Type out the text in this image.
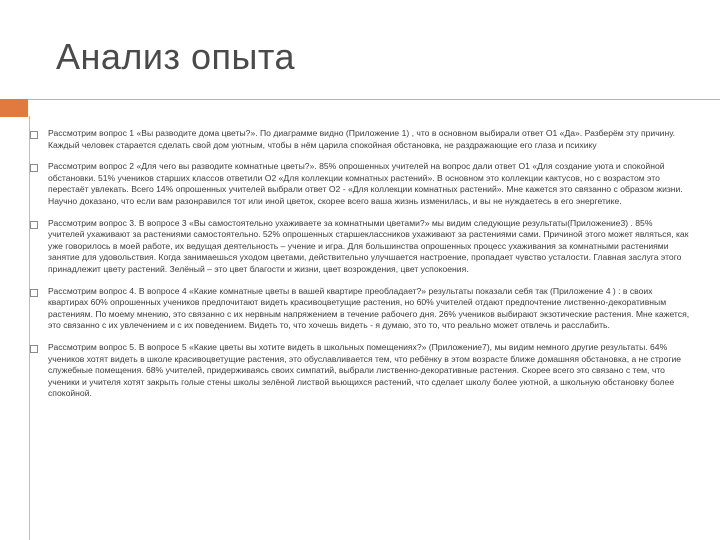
Анализ опыта

Рассмотрим вопрос 1 «Вы разводите дома цветы?». По диаграмме видно (Приложение 1) , что в основном выбирали ответ О1 «Да». Разберём эту причину. Каждый человек старается сделать свой дом уютным, чтобы в нём царила спокойная обстановка, не раздражающие его глаза и психику

Рассмотрим вопрос 2 «Для чего вы разводите комнатные цветы?». 85% опрошенных учителей на вопрос дали ответ О1 «Для создание уюта и спокойной обстановки. 51% учеников старших классов ответили О2 «Для коллекции комнатных растений». В основном это коллекции кактусов, но с возрастом это перестаёт увлекать. Всего 14% опрошенных учителей выбрали ответ О2 - «Для коллекции комнатных растений». Мне кажется это связанно с образом жизни. Научно доказано, что если вам разонравился тот или иной цветок, скорее всего ваша жизнь изменилась, и вы не нуждаетесь в его энергетике.

Рассмотрим вопрос 3. В вопросе 3 «Вы самостоятельно ухаживаете за комнатными цветами?» мы видим следующие результаты(Приложение3) . 85% учителей ухаживают за растениями самостоятельно. 52% опрошенных старшеклассников ухаживают за растениями сами. Причиной этого может являться, как уже говорилось в моей работе, их ведущая деятельность – учение и игра. Для большинства опрошенных процесс ухаживания за комнатными растениями занятие для удовольствия. Когда занимаешься уходом цветами, действительно улучшается настроение, пропадает чувство усталости. Главная заслуга этого принадлежит цвету растений. Зелёный – это цвет благости и жизни, цвет возрождения, цвет успокоения.

Рассмотрим вопрос 4. В вопросе 4 «Какие комнатные цветы в вашей квартире преобладает?» результаты показали себя так (Приложение 4 ) : в своих квартирах 60% опрошенных учеников предпочитают видеть красивоцветущие растения, но 60% учителей отдают предпочтение лиственно-декоративным растениям. По моему мнению, это связанно с их нервным напряжением в течение рабочего дня. 26% учеников выбирают экзотические растения. Мне кажется, это связанно с их увлечением и с их поведением. Видеть то, что хочешь видеть - я думаю, это то, что реально может отвлечь и расслабить.

Рассмотрим вопрос 5. В вопросе 5 «Какие цветы вы хотите видеть в школьных помещениях?» (Приложение7), мы видим немного другие результаты. 64% учеников хотят видеть в школе красивоцветущие растения, это обуславливается тем, что ребёнку в этом возрасте ближе домашняя обстановка, а не строгие служебные помещения. 68% учителей, придерживаясь своих симпатий, выбрали лиственно-декоративные растения. Скорее всего это связано с тем, что ученики и учителя хотят закрыть голые стены школы зелёной листвой вьющихся растений, что сделает школу более уютной, а школьную обстановку более спокойной.
